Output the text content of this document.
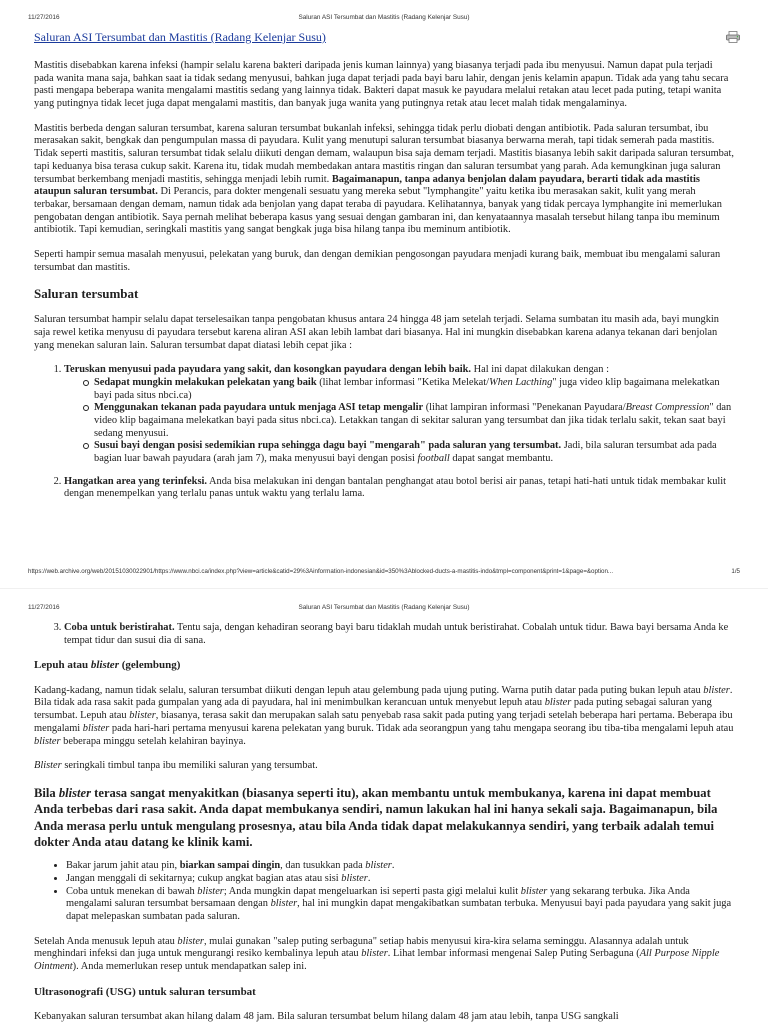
11/27/2016	Saluran ASI Tersumbat dan Mastitis (Radang Kelenjar Susu)
Saluran ASI Tersumbat dan Mastitis (Radang Kelenjar Susu)

Mastitis disebabkan karena infeksi (hampir selalu karena bakteri daripada jenis kuman lainnya) yang biasanya terjadi pada ibu menyusui. Namun dapat pula terjadi pada wanita mana saja, bahkan saat ia tidak sedang menyusui, bahkan juga dapat terjadi pada bayi baru lahir, dengan jenis kelamin apapun. Tidak ada yang tahu secara pasti mengapa beberapa wanita mengalami mastitis sedang yang lainnya tidak. Bakteri dapat masuk ke payudara melalui retakan atau lecet pada puting, tetapi wanita yang putingnya tidak lecet juga dapat mengalami mastitis, dan banyak juga wanita yang putingnya retak atau lecet malah tidak mengalaminya.

Mastitis berbeda dengan saluran tersumbat, karena saluran tersumbat bukanlah infeksi, sehingga tidak perlu diobati dengan antibiotik. Pada saluran tersumbat, ibu merasakan sakit, bengkak dan pengumpulan massa di payudara. Kulit yang menutupi saluran tersumbat biasanya berwarna merah, tapi tidak semerah pada mastitis. Tidak seperti mastitis, saluran tersumbat tidak selalu diikuti dengan demam, walaupun bisa saja demam terjadi. Mastitis biasanya lebih sakit daripada saluran tersumbat, tapi keduanya bisa terasa cukup sakit. Karena itu, tidak mudah membedakan antara mastitis ringan dan saluran tersumbat yang parah. Ada kemungkinan juga saluran tersumbat berkembang menjadi mastitis, sehingga menjadi lebih rumit. Bagaimanapun, tanpa adanya benjolan dalam payudara, berarti tidak ada mastitis ataupun saluran tersumbat. Di Perancis, para dokter mengenali sesuatu yang mereka sebut "lymphangite" yaitu ketika ibu merasakan sakit, kulit yang merah terbakar, bersamaan dengan demam, namun tidak ada benjolan yang dapat teraba di payudara. Kelihatannya, banyak yang tidak percaya lymphangite ini memerlukan pengobatan dengan antibiotik. Saya pernah melihat beberapa kasus yang sesuai dengan gambaran ini, dan kenyataannya masalah tersebut hilang tanpa ibu meminum antibiotik. Tapi kemudian, seringkali mastitis yang sangat bengkak juga bisa hilang tanpa ibu meminum antibiotik.

Seperti hampir semua masalah menyusui, pelekatan yang buruk, dan dengan demikian pengosongan payudara menjadi kurang baik, membuat ibu mengalami saluran tersumbat dan mastitis.

Saluran tersumbat

Saluran tersumbat hampir selalu dapat terselesaikan tanpa pengobatan khusus antara 24 hingga 48 jam setelah terjadi. Selama sumbatan itu masih ada, bayi mungkin saja rewel ketika menyusu di payudara tersebut karena aliran ASI akan lebih lambat dari biasanya. Hal ini mungkin disebabkan karena adanya tekanan dari benjolan yang menekan saluran lain. Saluran tersumbat dapat diatasi lebih cepat jika :

1. Teruskan menyusui pada payudara yang sakit, dan kosongkan payudara dengan lebih baik. Hal ini dapat dilakukan dengan :
Sedapat mungkin melakukan pelekatan yang baik (lihat lembar informasi "Ketika Melekat/When Lacthing" juga video klip bagaimana melekatkan bayi pada situs nbci.ca)
Menggunakan tekanan pada payudara untuk menjaga ASI tetap mengalir (lihat lampiran informasi "Penekanan Payudara/Breast Compression" dan video klip bagaimana melekatkan bayi pada situs nbci.ca). Letakkan tangan di sekitar saluran yang tersumbat dan jika tidak terlalu sakit, tekan saat bayi sedang menyusui.
Susui bayi dengan posisi sedemikian rupa sehingga dagu bayi "mengarah" pada saluran yang tersumbat. Jadi, bila saluran tersumbat ada pada bagian luar bawah payudara (arah jam 7), maka menyusui bayi dengan posisi football dapat sangat membantu.
2. Hangatkan area yang terinfeksi. Anda bisa melakukan ini dengan bantalan penghangat atau botol berisi air panas, tetapi hati-hati untuk tidak membakar kulit dengan menempelkan yang terlalu panas untuk waktu yang terlalu lama.
https://web.archive.org/web/20151030022901/https://www.nbci.ca/index.php?view=article&catid=29%3Ainformation-indonesian&id=350%3Ablocked-ducts-a-mastitis-indo&tmpl=component&print=1&page=&option...	1/5
11/27/2016	Saluran ASI Tersumbat dan Mastitis (Radang Kelenjar Susu)
3. Coba untuk beristirahat. Tentu saja, dengan kehadiran seorang bayi baru tidaklah mudah untuk beristirahat. Cobalah untuk tidur. Bawa bayi bersama Anda ke tempat tidur dan susui dia di sana.
Lepuh atau blister (gelembung)

Kadang-kadang, namun tidak selalu, saluran tersumbat diikuti dengan lepuh atau gelembung pada ujung puting. Warna putih datar pada puting bukan lepuh atau blister. Bila tidak ada rasa sakit pada gumpalan yang ada di payudara, hal ini menimbulkan kerancuan untuk menyebut lepuh atau blister pada puting sebagai saluran yang tersumbat. Lepuh atau blister, biasanya, terasa sakit dan merupakan salah satu penyebab rasa sakit pada puting yang terjadi setelah beberapa hari pertama. Beberapa ibu mengalami blister pada hari-hari pertama menyusui karena pelekatan yang buruk. Tidak ada seorangpun yang tahu mengapa seorang ibu tiba-tiba mengalami lepuh atau blister beberapa minggu setelah kelahiran bayinya.

Blister seringkali timbul tanpa ibu memiliki saluran yang tersumbat.

Bila blister terasa sangat menyakitkan (biasanya seperti itu), akan membantu untuk membukanya, karena ini dapat membuat Anda terbebas dari rasa sakit. Anda dapat membukanya sendiri, namun lakukan hal ini hanya sekali saja. Bagaimanapun, bila Anda merasa perlu untuk mengulang prosesnya, atau bila Anda tidak dapat melakukannya sendiri, yang terbaik adalah temui dokter Anda atau datang ke klinik kami.
• Bakar jarum jahit atau pin, biarkan sampai dingin, dan tusukkan pada blister.
• Jangan menggali di sekitarnya; cukup angkat bagian atas atau sisi blister.
• Coba untuk menekan di bawah blister; Anda mungkin dapat mengeluarkan isi seperti pasta gigi melalui kulit blister yang sekarang terbuka. Jika Anda mengalami saluran tersumbat bersamaan dengan blister, hal ini mungkin dapat mengakibatkan sumbatan terbuka. Menyusui bayi pada payudara yang sakit juga dapat melepaskan sumbatan pada saluran.

Setelah Anda menusuk lepuh atau blister, mulai gunakan "salep puting serbaguna" setiap habis menyusui kira-kira selama seminggu. Alasannya adalah untuk menghindari infeksi dan juga untuk mengurangi resiko kembalinya lepuh atau blister. Lihat lembar informasi mengenai Salep Puting Serbaguna (All Purpose Nipple Ointment). Anda memerlukan resep untuk mendapatkan salep ini.

Ultrasonografi (USG) untuk saluran tersumbat

Kebanyakan saluran tersumbat akan hilang dalam 48 jam. Bila saluran tersumbat belum hilang dalam 48 jam atau lebih, tanpa USG sangkali
